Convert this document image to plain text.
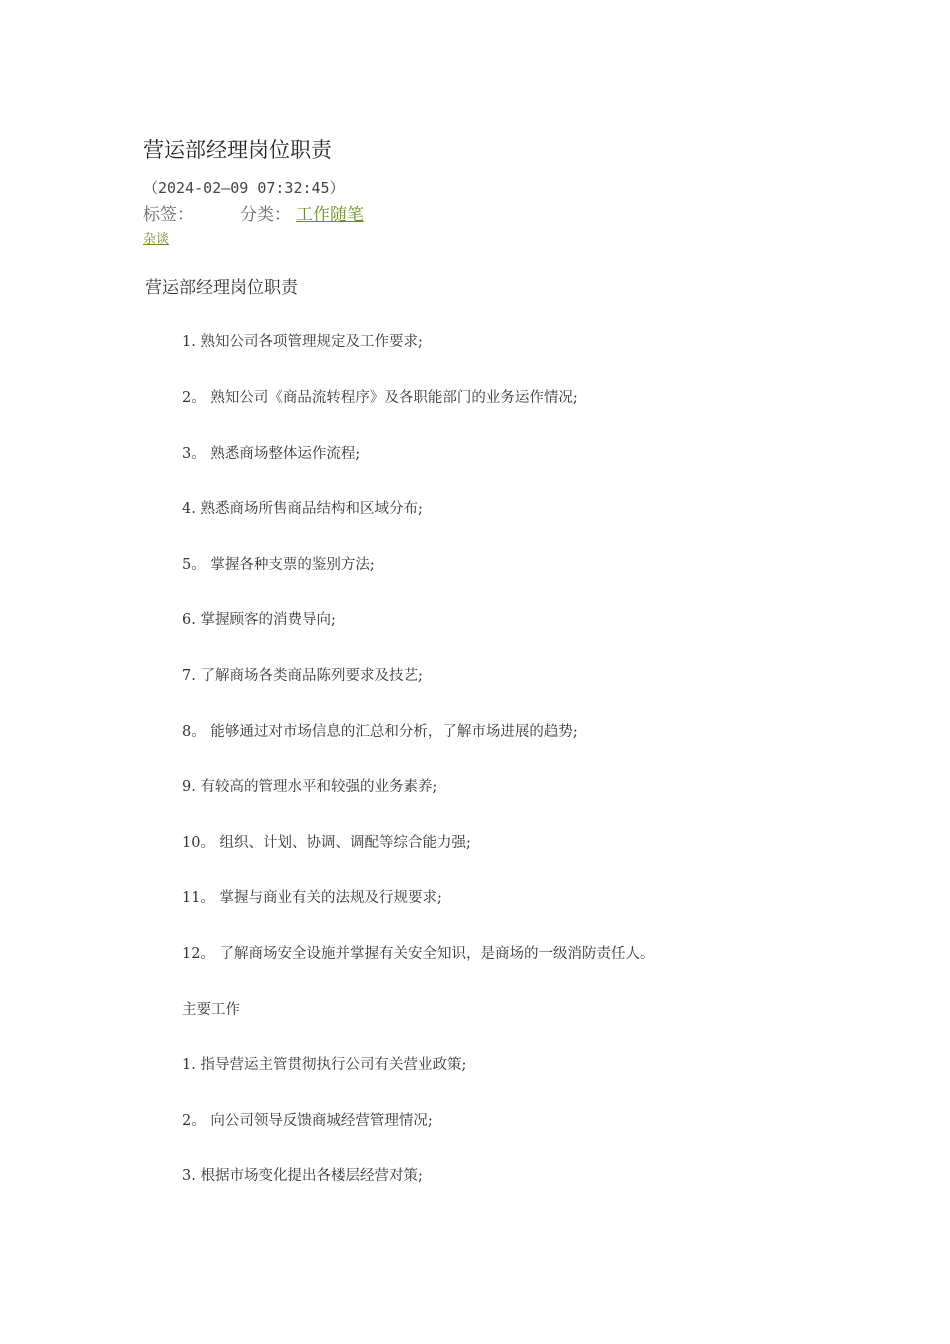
营运部经理岗位职责
（2024-02—09 07:32:45）
标签：	分类： 工作随笔
杂谈
营运部经理岗位职责
1. 熟知公司各项管理规定及工作要求;
2。 熟知公司《商品流转程序》及各职能部门的业务运作情况;
3。 熟悉商场整体运作流程;
4. 熟悉商场所售商品结构和区域分布;
5。 掌握各种支票的鉴别方法;
6. 掌握顾客的消费导向;
7. 了解商场各类商品陈列要求及技艺;
8。 能够通过对市场信息的汇总和分析，了解市场进展的趋势;
9. 有较高的管理水平和较强的业务素养;
10。 组织、计划、协调、调配等综合能力强;
11。 掌握与商业有关的法规及行规要求;
12。 了解商场安全设施并掌握有关安全知识，是商场的一级消防责任人。
主要工作
1. 指导营运主管贯彻执行公司有关营业政策;
2。 向公司领导反馈商城经营管理情况;
3. 根据市场变化提出各楼层经营对策;
